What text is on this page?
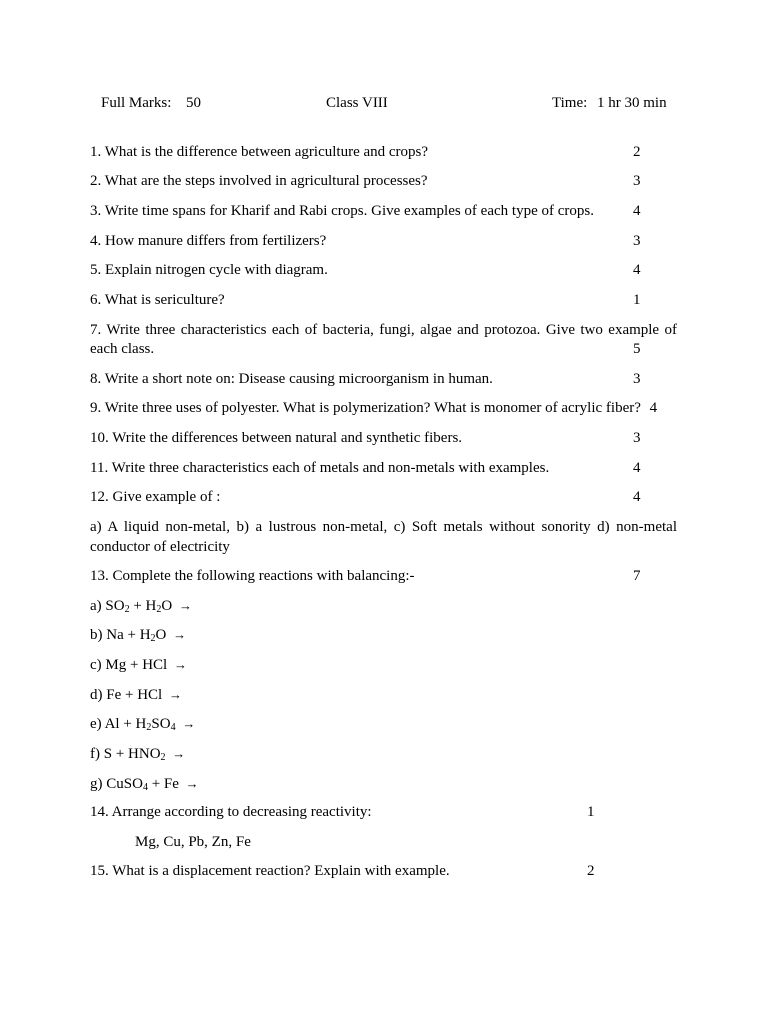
Full Marks: 50	Class VIII	Time: 1 hr 30 min
1. What is the difference between agriculture and crops?	2
2. What are the steps involved in agricultural processes?	3
3. Write time spans for Kharif and Rabi crops. Give examples of each type of crops.	4
4. How manure differs from fertilizers?	3
5. Explain nitrogen cycle with diagram.	4
6. What is sericulture?	1
7. Write three characteristics each of bacteria, fungi, algae and protozoa. Give two example of
each class.	5
8. Write a short note on: Disease causing microorganism in human.	3
9. Write three uses of polyester. What is polymerization? What is monomer of acrylic fiber? 4
10. Write the differences between natural and synthetic fibers.	3
11. Write three characteristics each of metals and non-metals with examples.	4
12. Give example of :	4
a) A liquid non-metal, b) a lustrous non-metal, c) Soft metals without sonority d) non-metal conductor of electricity
13. Complete the following reactions with balancing:-	7
a) $SO_2 + H_2O$ →
b) $Na + H_2O$ →
c) Mg + HCl →
d) Fe + HCl →
e) $Al + H_2SO_4$ →
f) $S + HNO_2$ →
g) CuSO$_4$ + Fe →
14. Arrange according to decreasing reactivity:	1
Mg, Cu, Pb, Zn, Fe
15. What is a displacement reaction? Explain with example.	2
